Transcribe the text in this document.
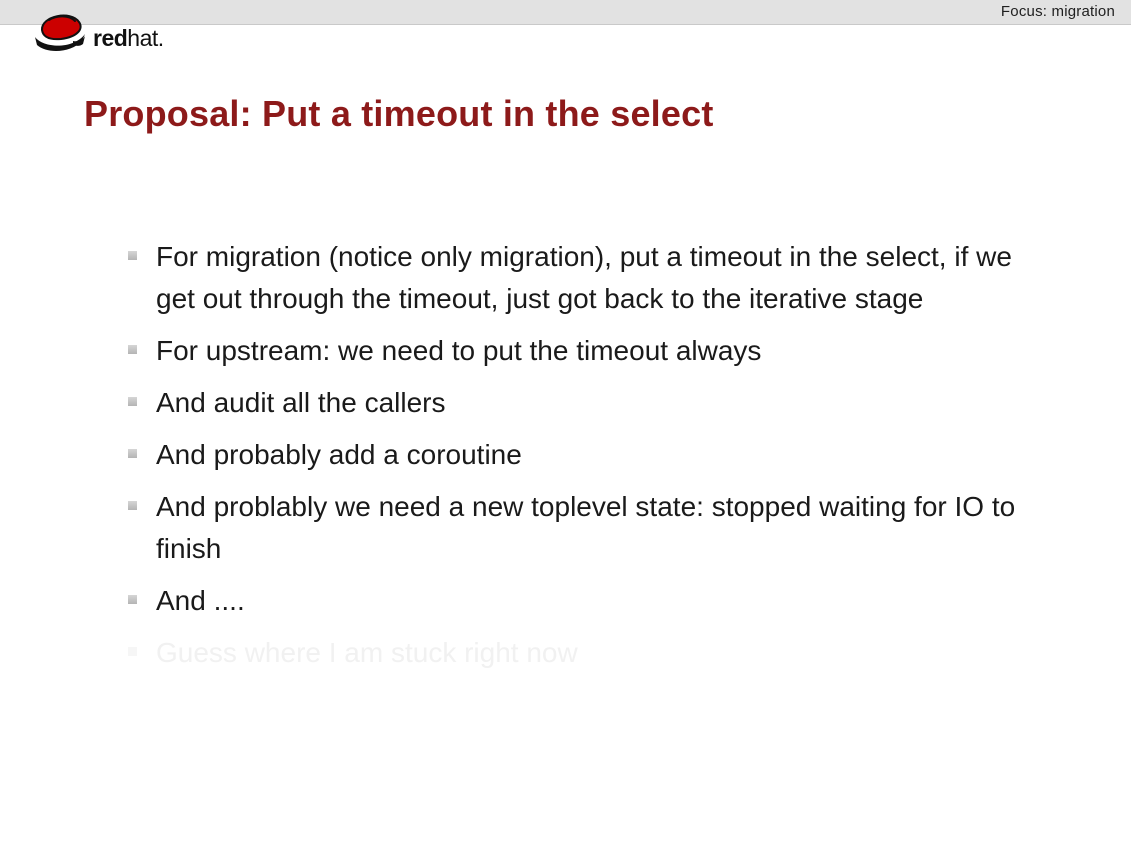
Focus: migration
redhat.
Proposal: Put a timeout in the select
For migration (notice only migration), put a timeout in the select, if we get out through the timeout, just got back to the iterative stage
For upstream: we need to put the timeout always
And audit all the callers
And probably add a coroutine
And problably we need a new toplevel state: stopped waiting for IO to finish
And ....
Guess where I am stuck right now
